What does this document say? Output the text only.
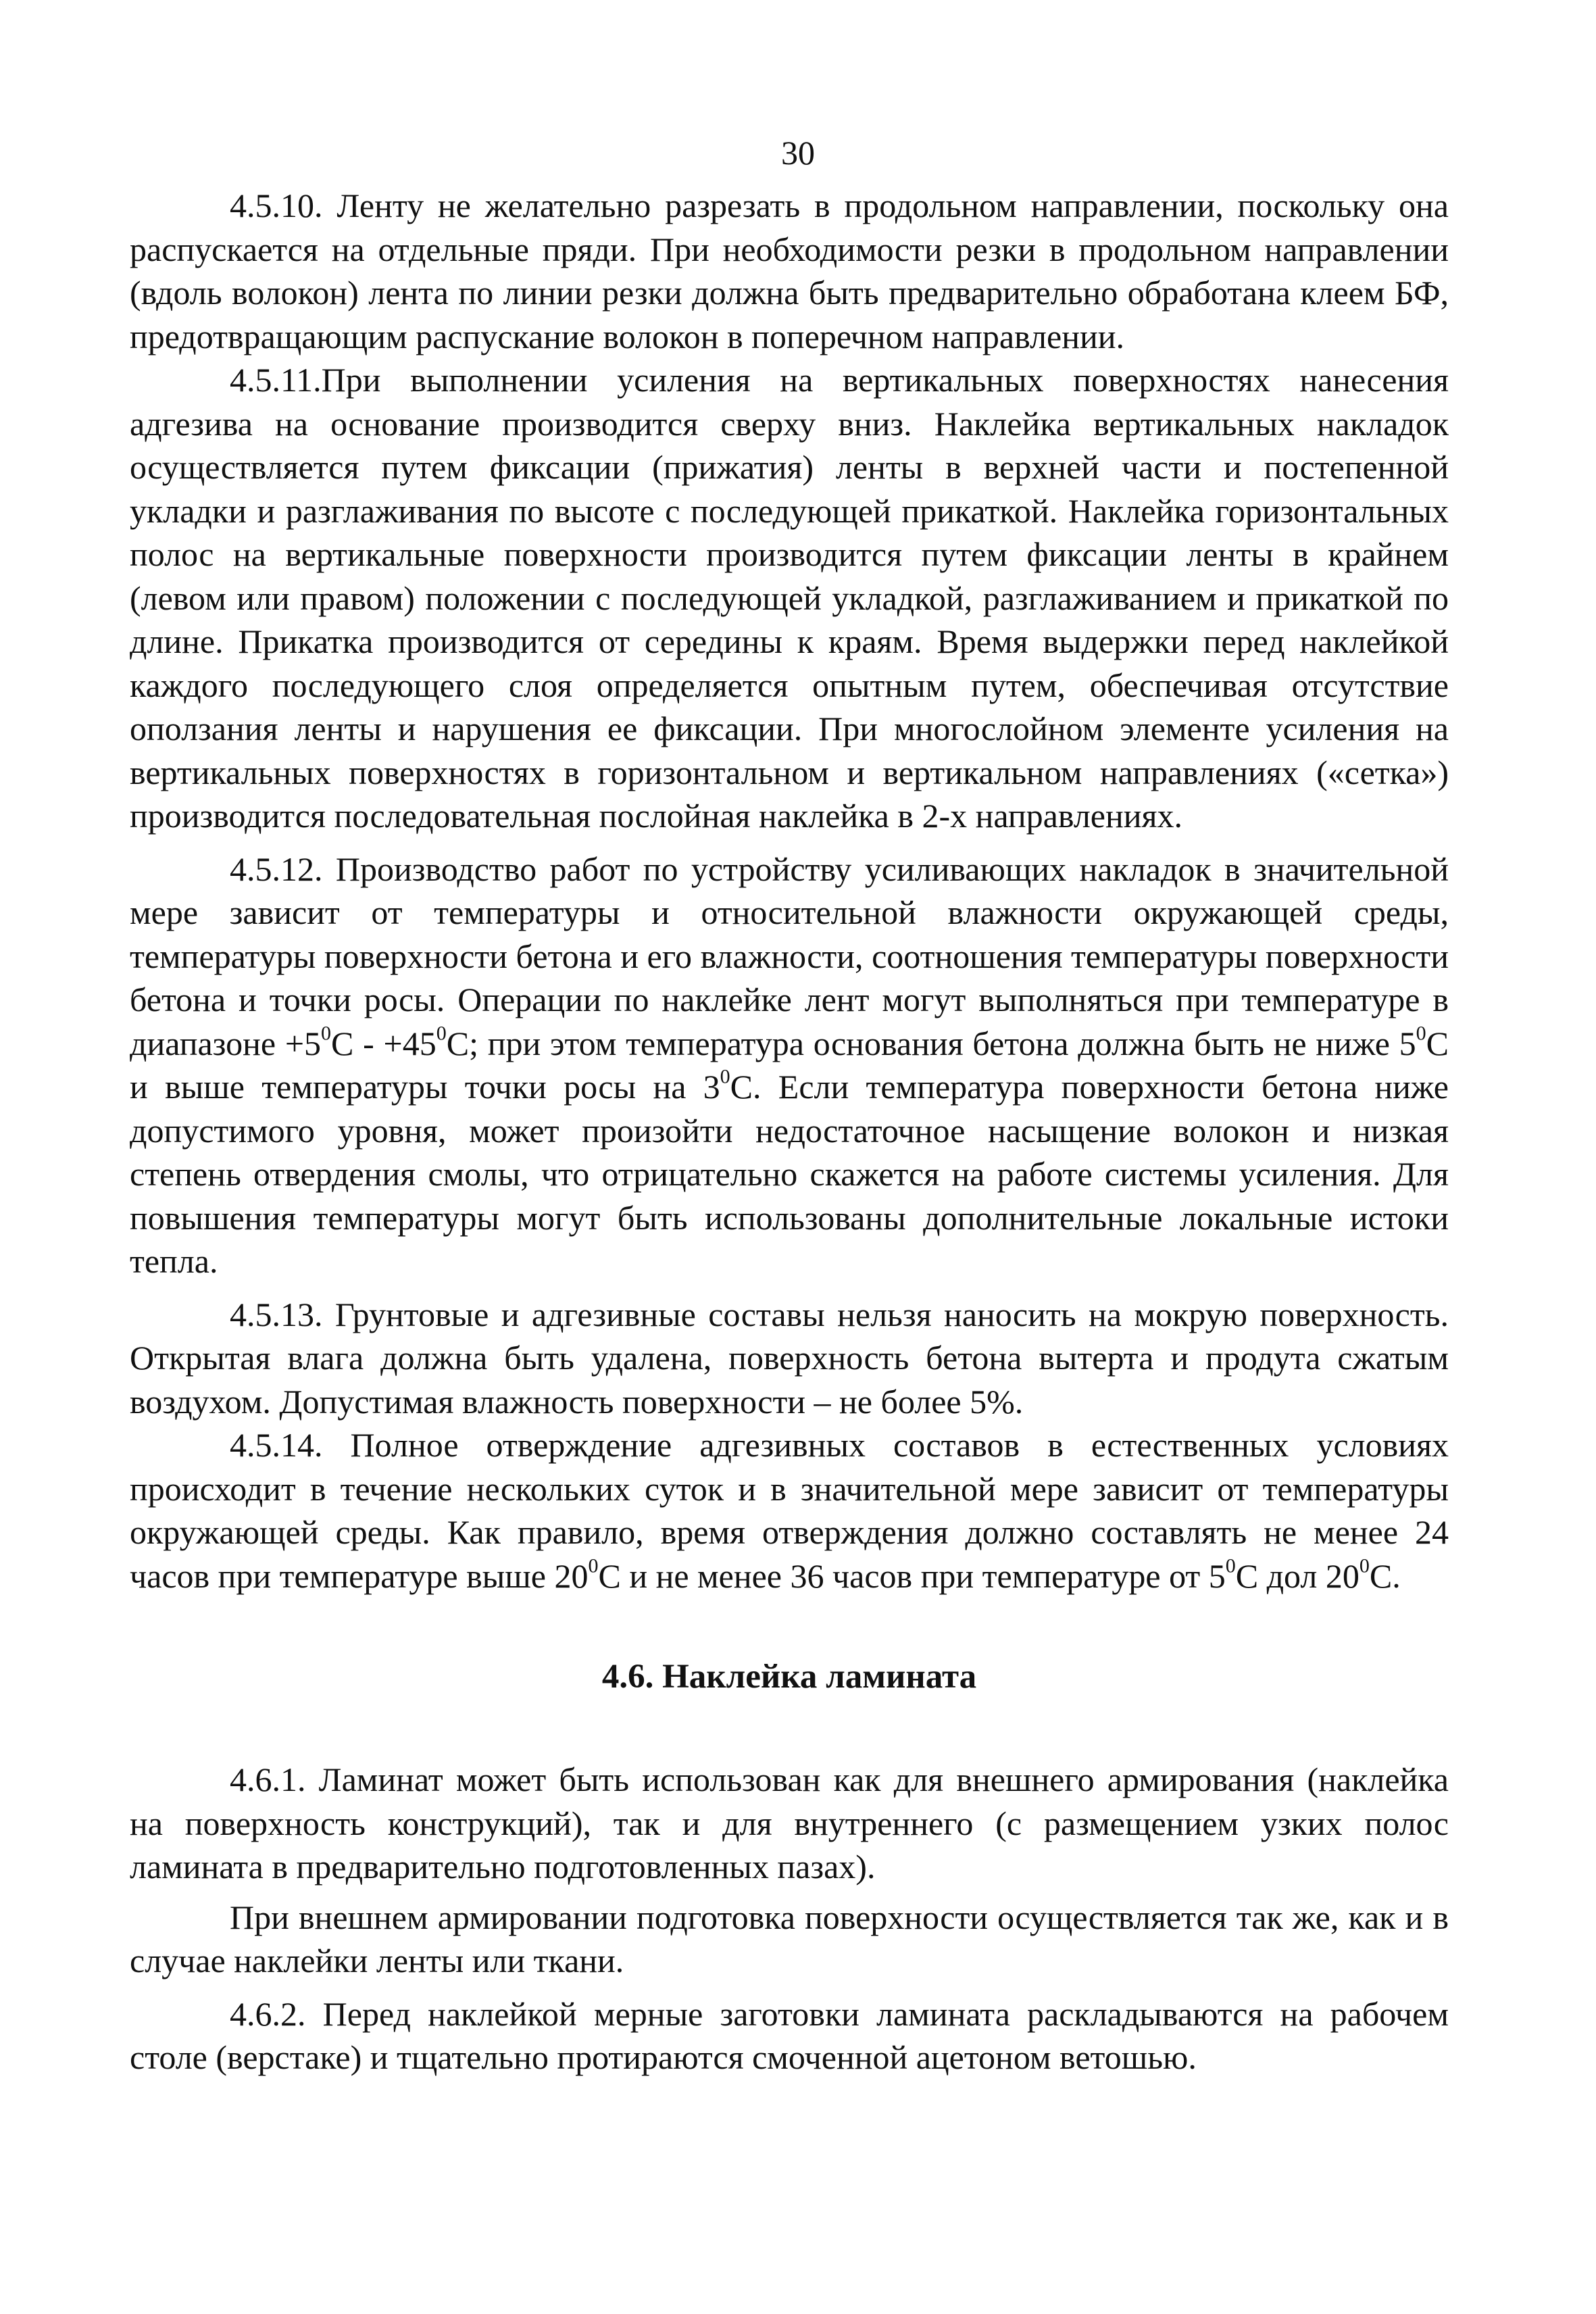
30

4.5.10. Ленту не желательно разрезать в продольном направлении, поскольку она распускается на отдельные пряди. При необходимости резки в продольном направлении (вдоль волокон) лента по линии резки должна быть предварительно обработана клеем БФ, предотвращающим распускание волокон в поперечном направлении.

4.5.11.При выполнении усиления на вертикальных поверхностях нанесения адгезива на основание производится сверху вниз. Наклейка вертикальных накладок осуществляется путем фиксации (прижатия) ленты в верхней части и постепенной укладки и разглаживания по высоте с последующей прикаткой. Наклейка горизонтальных полос на вертикальные поверхности производится путем фиксации ленты в крайнем (левом или правом) положении с последующей укладкой, разглаживанием и прикаткой по длине. Прикатка производится от середины к краям. Время выдержки перед наклейкой каждого последующего слоя определяется опытным путем, обеспечивая отсутствие оползания ленты и нарушения ее фиксации. При многослойном элементе усиления на вертикальных поверхностях в горизонтальном и вертикальном направлениях («сетка») производится последовательная послойная наклейка в 2-х направлениях.

4.5.12. Производство работ по устройству усиливающих накладок в значительной мере зависит от температуры и относительной влажности окружающей среды, температуры поверхности бетона и его влажности, соотношения температуры поверхности бетона и точки росы. Операции по наклейке лент могут выполняться при температуре в диапазоне $+5^0С - +45^0С$; при этом температура основания бетона должна быть не ниже $5^0С$ и выше температуры точки росы на $3^0С$. Если температура поверхности бетона ниже допустимого уровня, может произойти недостаточное насыщение волокон и низкая степень отвердения смолы, что отрицательно скажется на работе системы усиления. Для повышения температуры могут быть использованы дополнительные локальные истоки тепла.

4.5.13. Грунтовые и адгезивные составы нельзя наносить на мокрую поверхность. Открытая влага должна быть удалена, поверхность бетона вытерта и продута сжатым воздухом. Допустимая влажность поверхности – не более 5%.

4.5.14. Полное отверждение адгезивных составов в естественных условиях происходит в течение нескольких суток и в значительной мере зависит от температуры окружающей среды. Как правило, время отверждения должно составлять не менее 24 часов при температуре выше $20^0С$ и не менее 36 часов при температуре от $5^0С$ дол $20^0С$.

4.6. Наклейка ламината

4.6.1. Ламинат может быть использован как для внешнего армирования (наклейка на поверхность конструкций), так и для внутреннего (с размещением узких полос ламината в предварительно подготовленных пазах).

При внешнем армировании подготовка поверхности осуществляется так же, как и в случае наклейки ленты или ткани.

4.6.2. Перед наклейкой мерные заготовки ламината раскладываются на рабочем столе (верстаке) и тщательно протираются смоченной ацетоном ветошью.
